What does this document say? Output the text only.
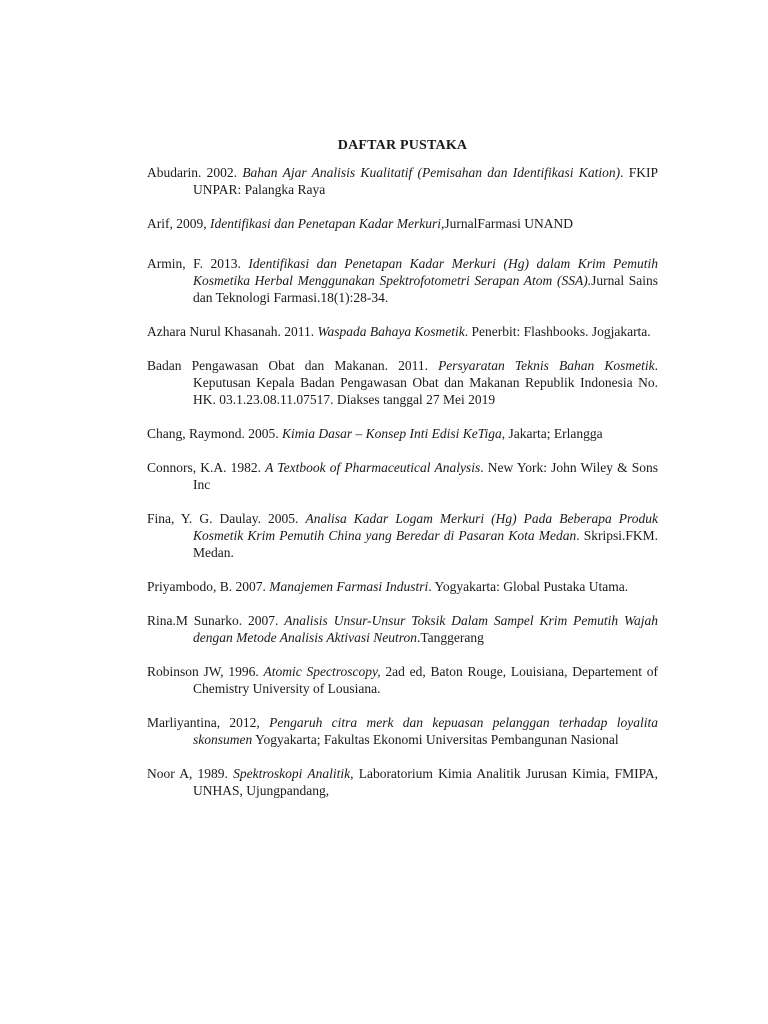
DAFTAR PUSTAKA
Abudarin. 2002. Bahan Ajar Analisis Kualitatif (Pemisahan dan Identifikasi Kation). FKIP UNPAR: Palangka Raya
Arif, 2009, Identifikasi dan Penetapan Kadar Merkuri,JurnalFarmasi UNAND
Armin, F. 2013. Identifikasi dan Penetapan Kadar Merkuri (Hg) dalam Krim Pemutih Kosmetika Herbal Menggunakan Spektrofotometri Serapan Atom (SSA).Jurnal Sains dan Teknologi Farmasi.18(1):28-34.
Azhara Nurul Khasanah. 2011. Waspada Bahaya Kosmetik. Penerbit: Flashbooks. Jogjakarta.
Badan Pengawasan Obat dan Makanan. 2011. Persyaratan Teknis Bahan Kosmetik. Keputusan Kepala Badan Pengawasan Obat dan Makanan Republik Indonesia No. HK. 03.1.23.08.11.07517. Diakses tanggal 27 Mei 2019
Chang, Raymond. 2005. Kimia Dasar – Konsep Inti Edisi KeTiga, Jakarta; Erlangga
Connors, K.A. 1982. A Textbook of Pharmaceutical Analysis. New York: John Wiley & Sons Inc
Fina, Y. G. Daulay. 2005. Analisa Kadar Logam Merkuri (Hg) Pada Beberapa Produk Kosmetik Krim Pemutih China yang Beredar di Pasaran Kota Medan. Skripsi.FKM. Medan.
Priyambodo, B. 2007. Manajemen Farmasi Industri. Yogyakarta: Global Pustaka Utama.
Rina.M Sunarko. 2007. Analisis Unsur-Unsur Toksik Dalam Sampel Krim Pemutih Wajah dengan Metode Analisis Aktivasi Neutron.Tanggerang
Robinson JW, 1996. Atomic Spectroscopy, 2ad ed, Baton Rouge, Louisiana, Departement of Chemistry University of Lousiana.
Marliyantina, 2012, Pengaruh citra merk dan kepuasan pelanggan terhadap loyalita skonsumen Yogyakarta; Fakultas Ekonomi Universitas Pembangunan Nasional
Noor A, 1989. Spektroskopi Analitik, Laboratorium Kimia Analitik Jurusan Kimia, FMIPA, UNHAS, Ujungpandang,
